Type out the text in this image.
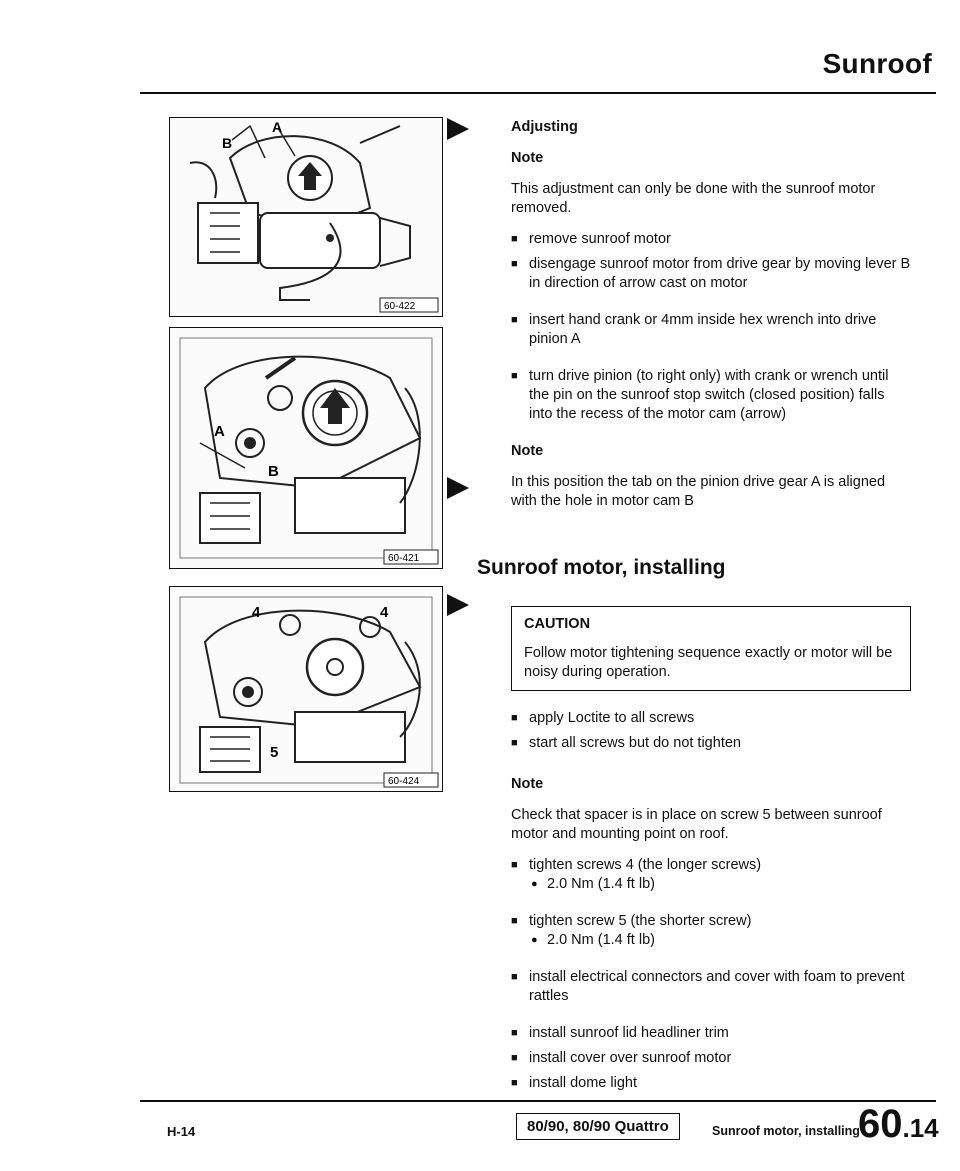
Sunroof
B
A
60-422
A
B
60-421
4	4
5
60-424

Adjusting

Note

This adjustment can only be done with the sunroof motor removed.

■ remove sunroof motor
■ disengage sunroof motor from drive gear by moving lever B in direction of arrow cast on motor
■ insert hand crank or 4mm inside hex wrench into drive pinion A
■ turn drive pinion (to right only) with crank or wrench until the pin on the sunroof stop switch (closed position) falls into the recess of the motor cam (arrow)

Note

In this position the tab on the pinion drive gear A is aligned with the hole in motor cam B

Sunroof motor, installing
CAUTION

Follow motor tightening sequence exactly or motor will be noisy during operation.

■ apply Loctite to all screws
■ start all screws but do not tighten

Note

Check that spacer is in place on screw 5 between sunroof motor and mounting point on roof.

■ tighten screws 4 (the longer screws)
● 2.0 Nm (1.4 ft lb)
■ tighten screw 5 (the shorter screw)
● 2.0 Nm (1.4 ft lb)
■ install electrical connectors and cover with foam to prevent rattles
■ install sunroof lid headliner trim
■ install cover over sunroof motor
■ install dome light
H-14	80/90, 80/90 Quattro	Sunroof motor, installing
60.14
